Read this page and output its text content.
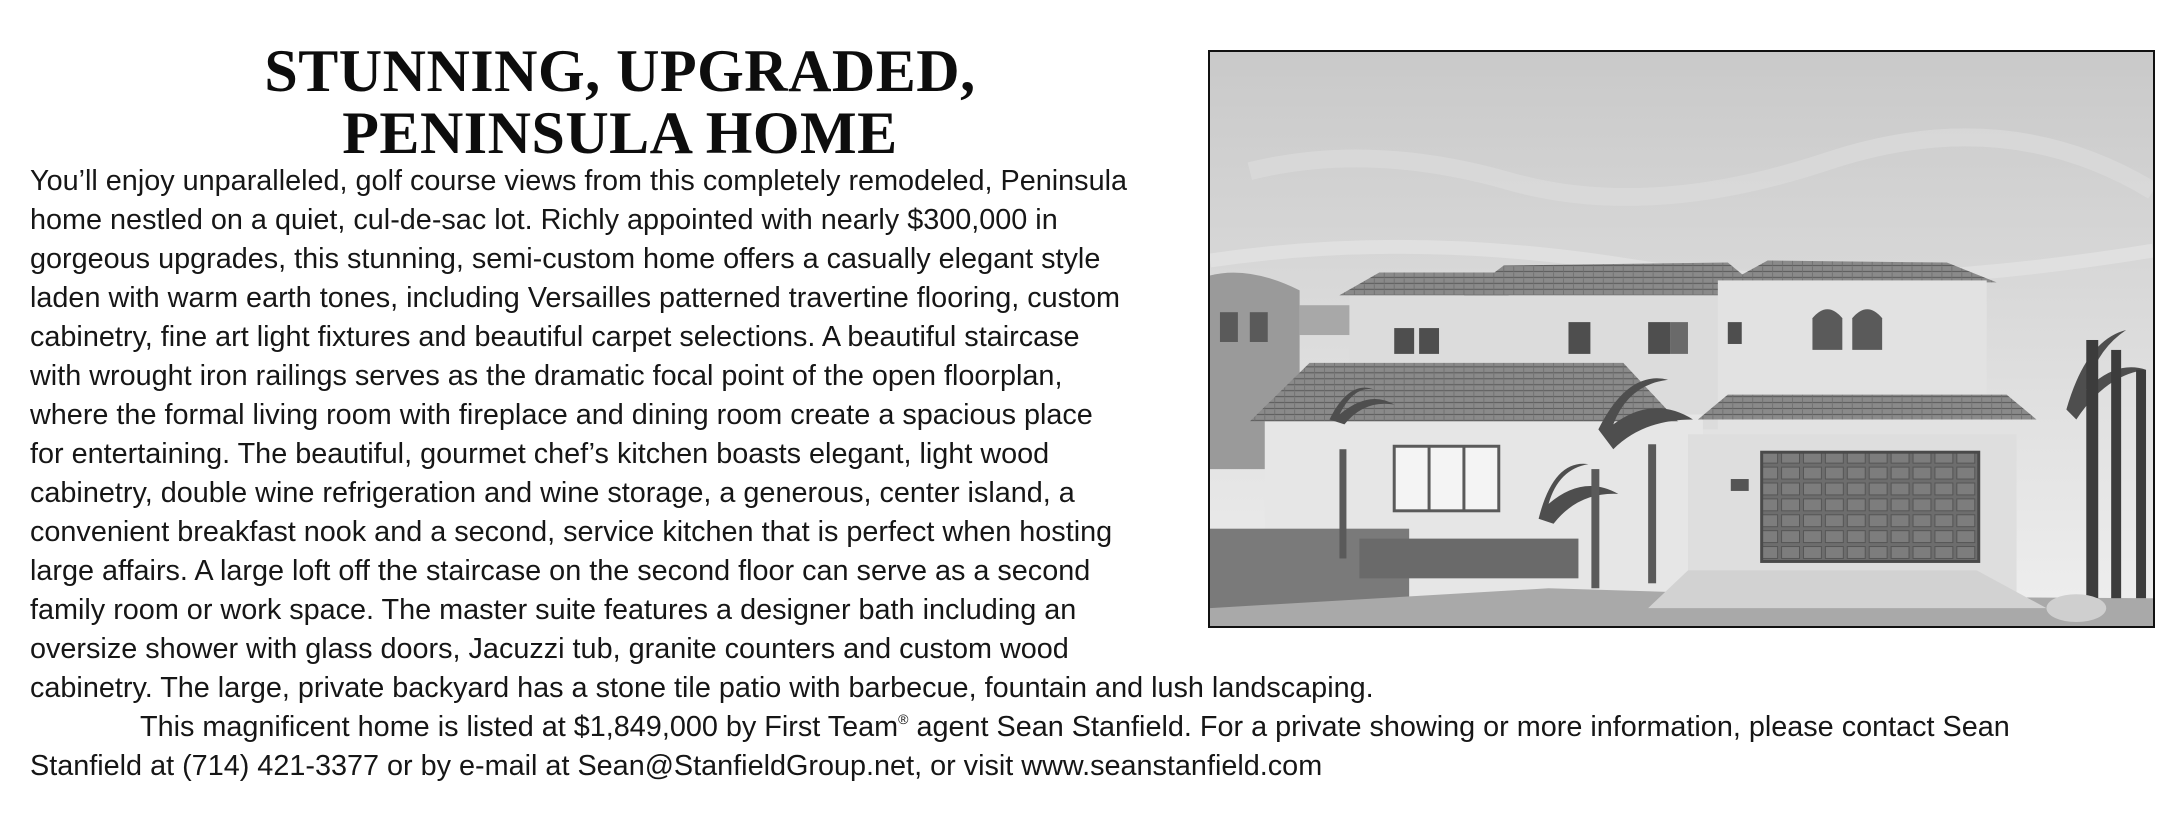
STUNNING, UPGRADED,
PENINSULA HOME
You’ll enjoy unparalleled, golf course views from this completely remodeled, Peninsula
home nestled on a quiet, cul-de-sac lot. Richly appointed with nearly $300,000 in
gorgeous upgrades, this stunning, semi-custom home offers a casually elegant style
laden with warm earth tones, including Versailles patterned travertine flooring, custom
cabinetry, fine art light fixtures and beautiful carpet selections. A beautiful staircase
with wrought iron railings serves as the dramatic focal point of the open floorplan,
where the formal living room with fireplace and dining room create a spacious place
for entertaining. The beautiful, gourmet chef’s kitchen boasts elegant, light wood
cabinetry, double wine refrigeration and wine storage, a generous, center island, a
convenient breakfast nook and a second, service kitchen that is perfect when hosting
large affairs. A large loft off the staircase on the second floor can serve as a second
family room or work space. The master suite features a designer bath including an
oversize shower with glass doors, Jacuzzi tub, granite counters and custom wood
cabinetry. The large, private backyard has a stone tile patio with barbecue, fountain and lush landscaping.
This magnificent home is listed at $1,849,000 by First Team® agent Sean Stanfield. For a private showing or more information, please contact Sean
Stanfield at (714) 421-3377 or by e-mail at Sean@StanfieldGroup.net, or visit www.seanstanfield.com
